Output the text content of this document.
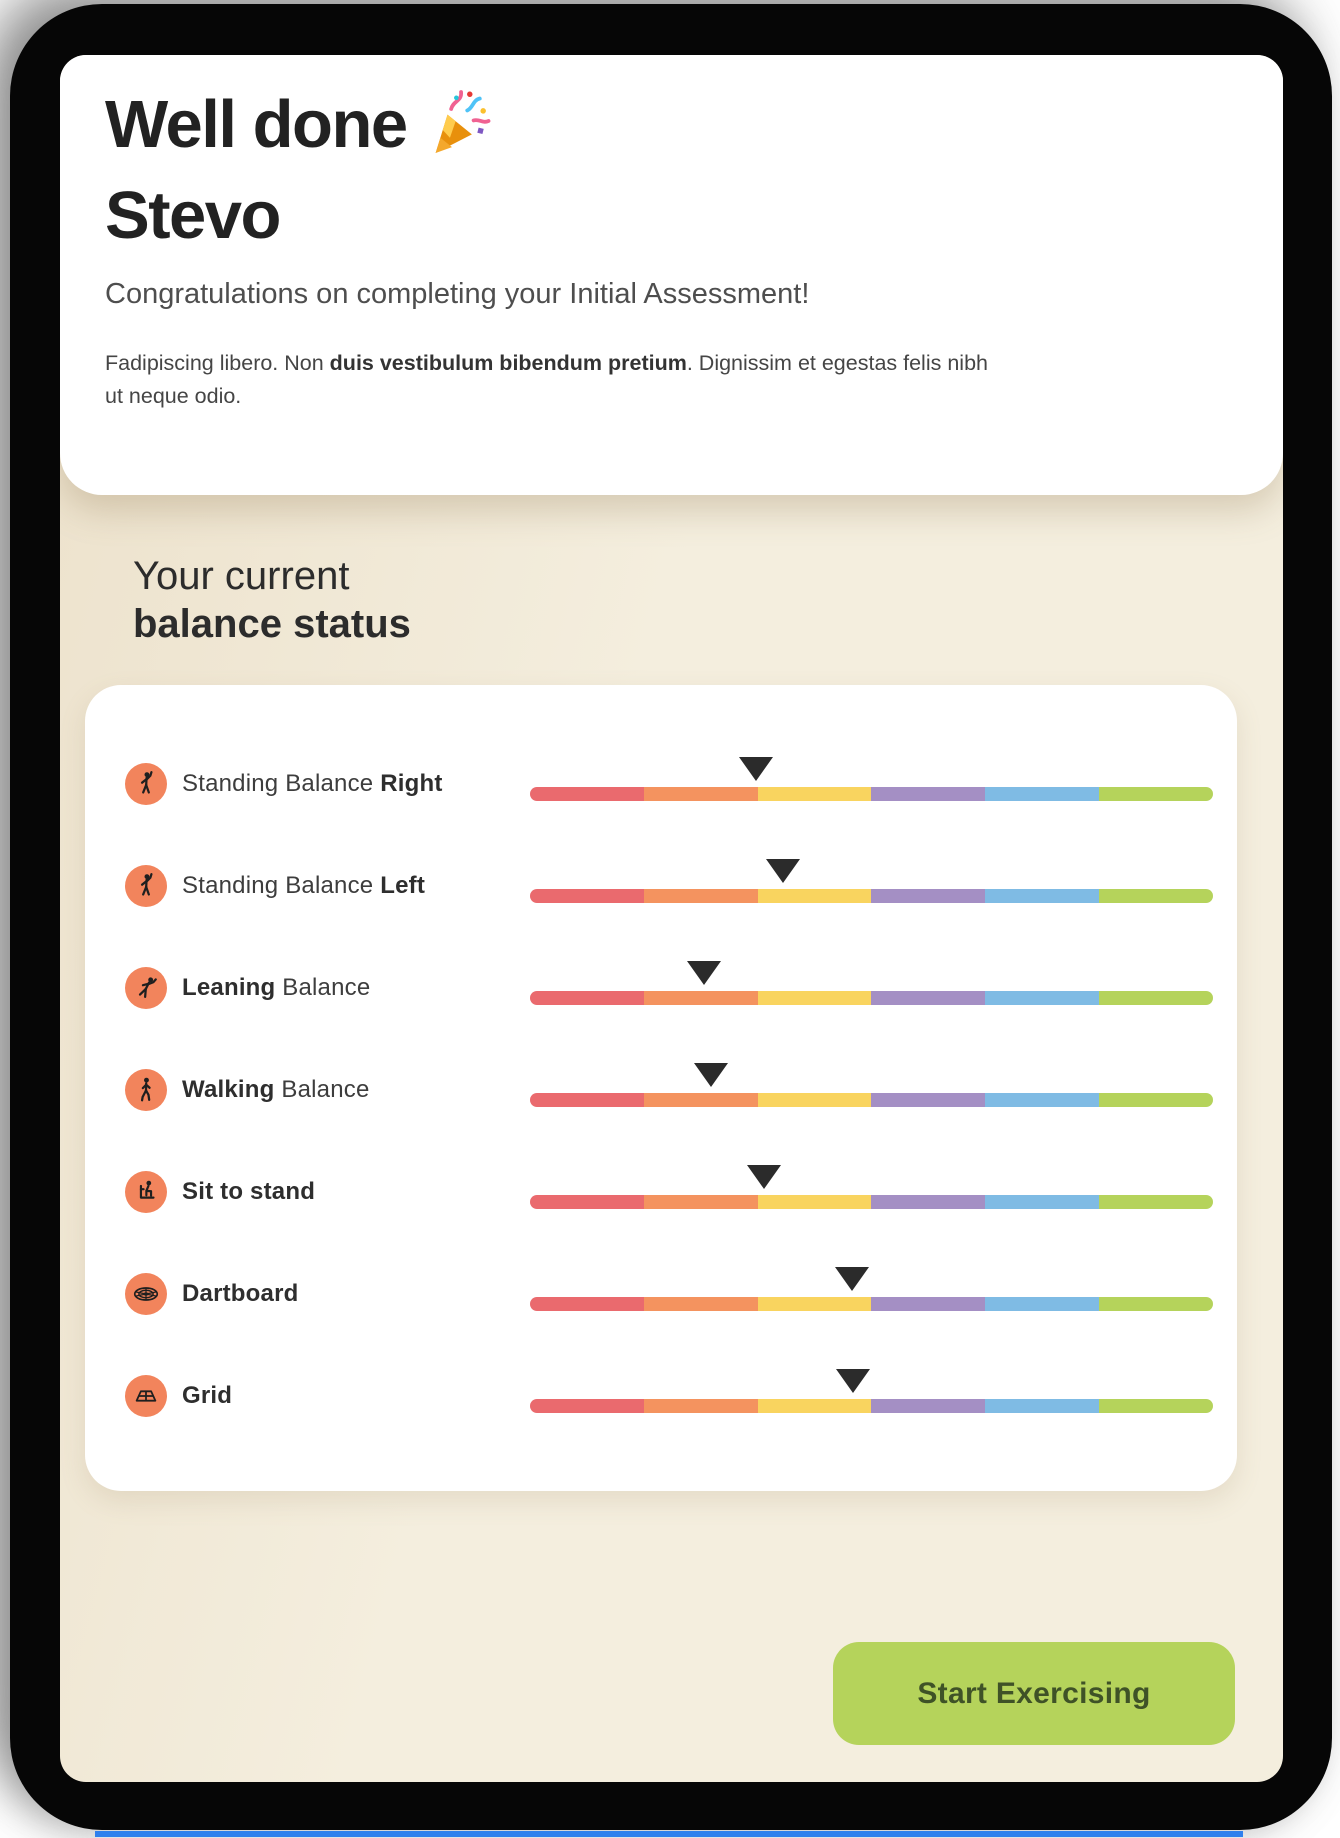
Well done
Stevo

Congratulations on completing your Initial Assessment!

Fadipiscing libero. Non duis vestibulum bibendum pretium. Dignissim et egestas felis nibh ut neque odio.

Your current
balance status
Standing Balance Right
Standing Balance Left
Leaning Balance
Walking Balance
Sit to stand
Dartboard
Grid
Start Exercising
